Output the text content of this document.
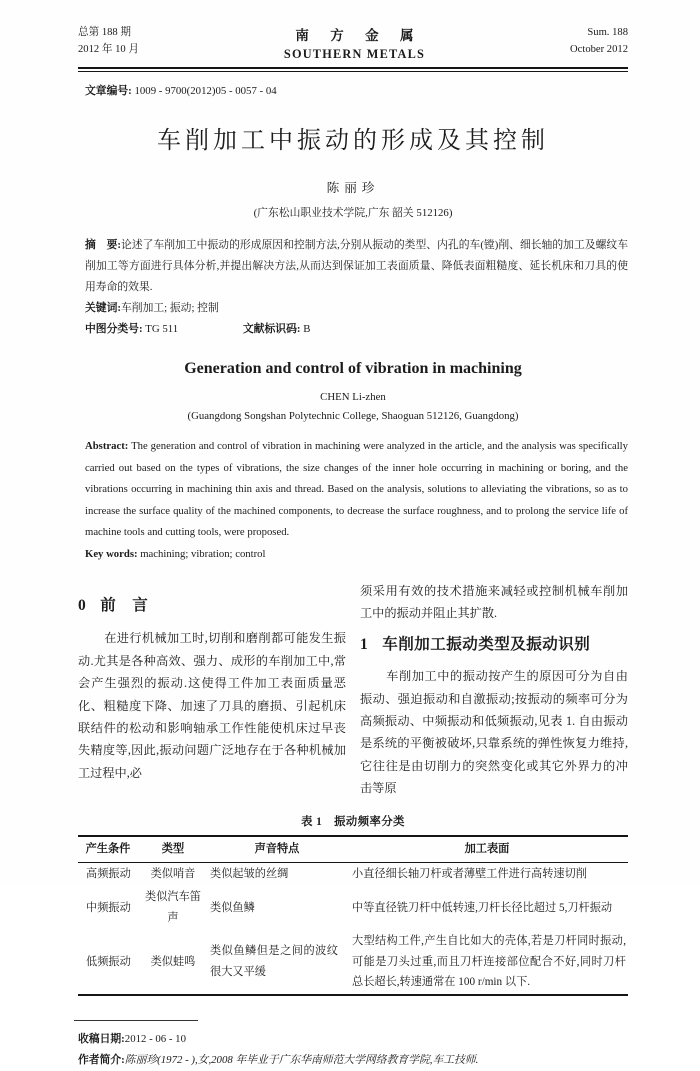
总第 188 期
2012 年 10 月
南 方 金 属
SOUTHERN METALS
Sum. 188
October 2012
文章编号: 1009 - 9700(2012)05 - 0057 - 04
车削加工中振动的形成及其控制
陈丽珍
(广东松山职业技术学院,广东 韶关 512126)

摘　要:论述了车削加工中振动的形成原因和控制方法,分别从振动的类型、内孔的车(镗)削、细长轴的加工及螺纹车削加工等方面进行具体分析,并提出解决方法,从而达到保证加工表面质量、降低表面粗糙度、延长机床和刀具的使用寿命的效果.

关键词:车削加工; 振动; 控制

中图分类号: TG 511	文献标识码: B

Generation and control of vibration in machining
CHEN Li-zhen
(Guangdong Songshan Polytechnic College, Shaoguan 512126, Guangdong)

Abstract: The generation and control of vibration in machining were analyzed in the article, and the analysis was specifically carried out based on the types of vibrations, the size changes of the inner hole occurring in machining or boring, and the vibrations occurring in machining thin axis and thread. Based on the analysis, solutions to alleviating the vibrations, so as to increase the surface quality of the machined components, to decrease the surface roughness, and to prolong the service life of machine tools and cutting tools, were proposed.

Key words: machining; vibration; control

0 前　言

在进行机械加工时,切削和磨削都可能发生振动.尤其是各种高效、强力、成形的车削加工中,常会产生强烈的振动.这使得工件加工表面质量恶化、粗糙度下降、加速了刀具的磨损、引起机床联结件的松动和影响轴承工作性能使机床过早丧失精度等,因此,振动问题广泛地存在于各种机械加工过程中,必

须采用有效的技术措施来减轻或控制机械车削加工中的振动并阻止其扩散.

1 车削加工振动类型及振动识别

车削加工中的振动按产生的原因可分为自由振动、强迫振动和自激振动;按振动的频率可分为高频振动、中频振动和低频振动,见表 1. 自由振动是系统的平衡被破坏,只靠系统的弹性恢复力维持,它往往是由切削力的突然变化或其它外界力的冲击等原

表 1　振动频率分类
产生条件	类型	声音特点	加工表面
高频振动	类似哨音	类似起皱的丝绸	小直径细长轴刀杆或者薄壁工件进行高转速切削
中频振动	类似汽车笛声	类似鱼鳞	中等直径铣刀杆中低转速,刀杆长径比超过 5,刀杆振动
低频振动	类似蛙鸣	类似鱼鳞但是之间的波纹很大又平缓	大型结构工件,产生自比如大的壳体,若是刀杆同时振动,可能是刀头过重,而且刀杆连接部位配合不好,同时刀杆总长超长,转速通常在 100 r/min 以下.

收稿日期:2012 - 06 - 10

作者简介:陈丽珍(1972 - ),女,2008 年毕业于广东华南师范大学网络教育学院,车工技师.
